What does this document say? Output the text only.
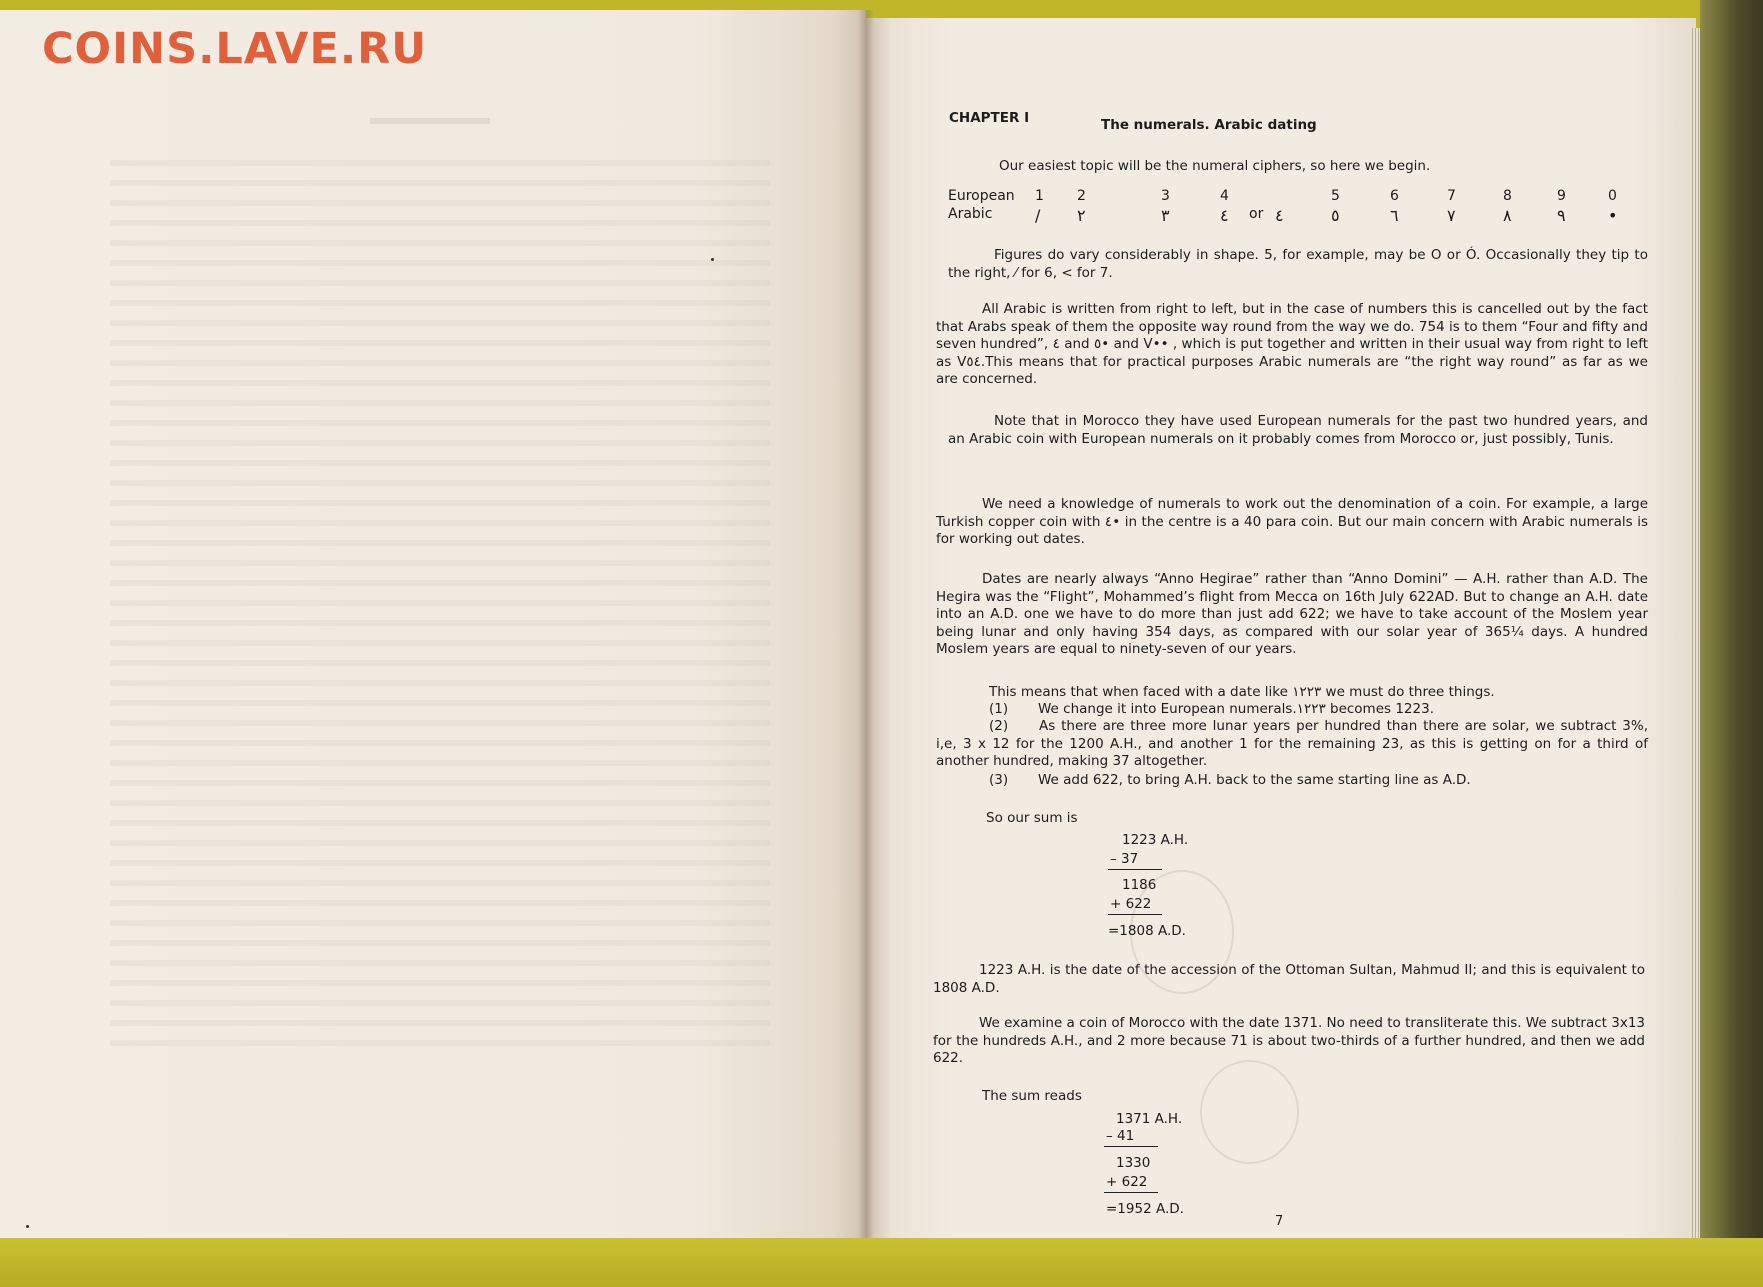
COINS.LAVE.RU
CHAPTER I	The numerals. Arabic dating
Our easiest topic will be the numeral ciphers, so here we begin.
European 1 2	3	4	5	6	7	8	9	0
Arabic	/ ٢	٣	٤ or ٤	٥	٦	٧	٨	٩	•
Figures do vary considerably in shape. 5, for example, may be O or Ó. Occasionally they tip to the right, ⁄ for 6, < for 7.
All Arabic is written from right to left, but in the case of numbers this is cancelled out by the fact that Arabs speak of them the opposite way round from the way we do. 754 is to them “Four and fifty and seven hundred”, ٤ and ٥• and V•• , which is put together and written in their usual way from right to left as V٥٤.This means that for practical purposes Arabic numerals are “the right way round” as far as we are concerned.
Note that in Morocco they have used European numerals for the past two hundred years, and an Arabic coin with European numerals on it probably comes from Morocco or, just possibly, Tunis.
We need a knowledge of numerals to work out the denomination of a coin. For example, a large Turkish copper coin with ٤• in the centre is a 40 para coin. But our main concern with Arabic numerals is for working out dates.
Dates are nearly always “Anno Hegirae” rather than “Anno Domini” — A.H. rather than A.D. The Hegira was the “Flight”, Mohammed’s flight from Mecca on 16th July 622AD. But to change an A.H. date into an A.D. one we have to do more than just add 622; we have to take account of the Moslem year being lunar and only having 354 days, as compared with our solar year of 365¼ days. A hundred Moslem years are equal to ninety-seven of our years.
This means that when faced with a date like ١٢٢٣ we must do three things.
(1) We change it into European numerals.١٢٢٣ becomes 1223.
(2)	As there are three more lunar years per hundred than there are solar, we subtract 3%, i,e, 3 x 12 for the 1200 A.H., and another 1 for the remaining 23, as this is getting on for a third of another hundred, making 37 altogether.
(3) We add 622, to bring A.H. back to the same starting line as A.D.
So our sum is
1223 A.H.
– 37
1186
+ 622
=1808 A.D.
1223 A.H. is the date of the accession of the Ottoman Sultan, Mahmud II; and this is equivalent to 1808 A.D.
We examine a coin of Morocco with the date 1371. No need to transliterate this. We subtract 3x13 for the hundreds A.H., and 2 more because 71 is about two-thirds of a further hundred, and then we add 622.
The sum reads
1371 A.H.
– 41
1330
+ 622
=1952 A.D.
7
